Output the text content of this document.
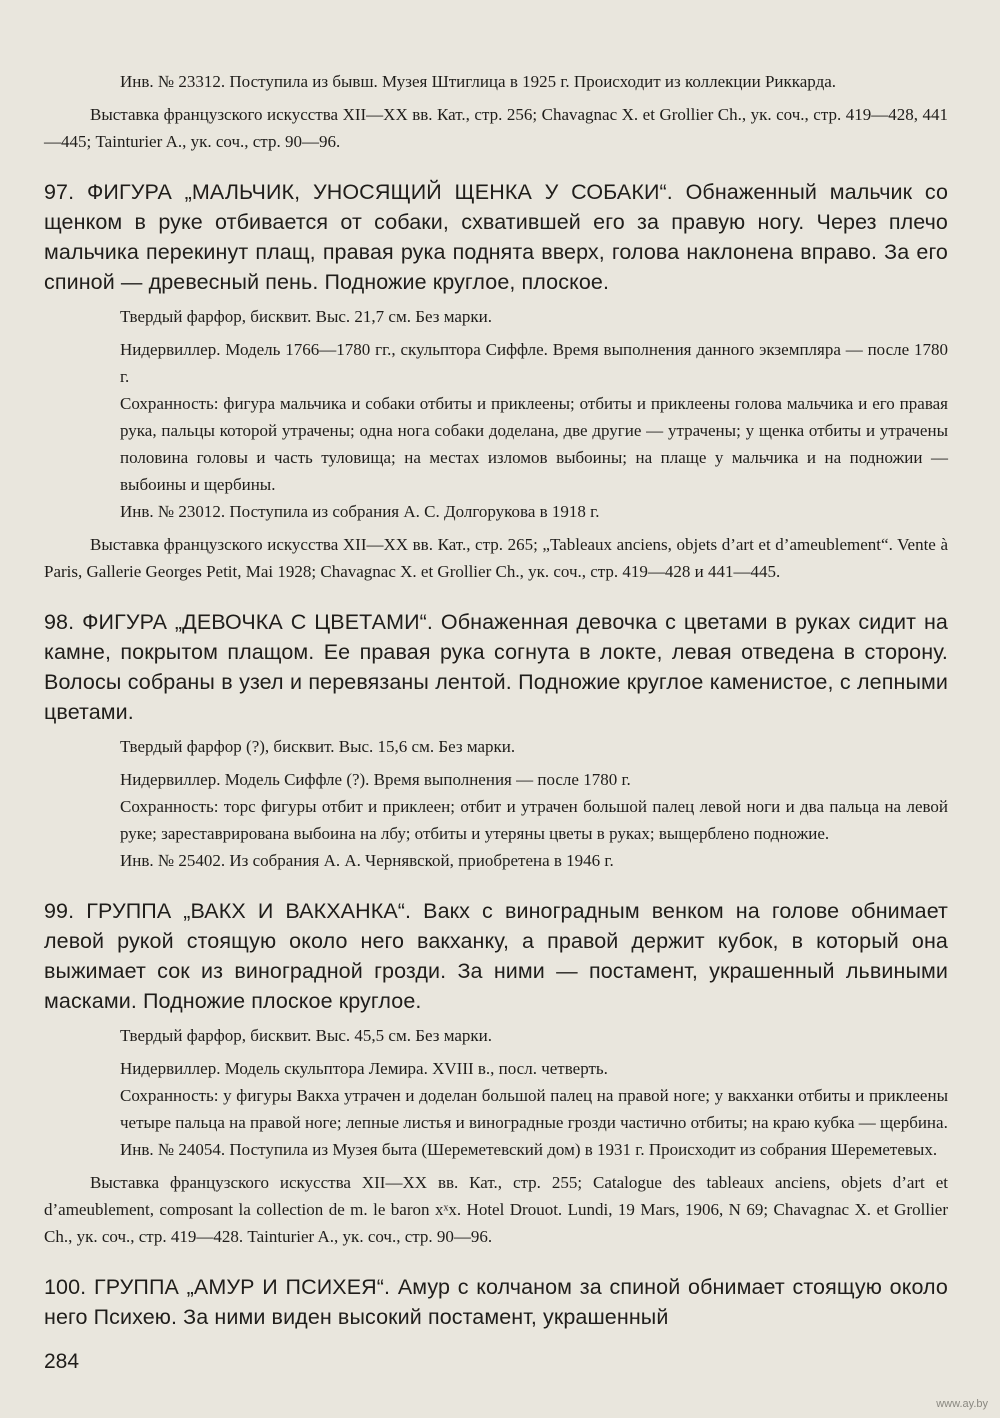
Инв. № 23312. Поступила из бывш. Музея Штиглица в 1925 г. Происходит из коллекции Риккарда.

Выставка французского искусства XII—XX вв. Кат., стр. 256; Chavagnac X. et Grollier Ch., ук. соч., стр. 419—428, 441—445; Tainturier A., ук. соч., стр. 90—96.

97. ФИГУРА „МАЛЬЧИК, УНОСЯЩИЙ ЩЕНКА У СОБАКИ“. Обнаженный мальчик со щенком в руке отбивается от собаки, схватившей его за правую ногу. Через плечо мальчика перекинут плащ, правая рука поднята вверх, голова наклонена вправо. За его спиной — древесный пень. Подножие круглое, плоское.

Твердый фарфор, бисквит. Выс. 21,7 см. Без марки.

Нидервиллер. Модель 1766—1780 гг., скульптора Сиффле. Время выполнения данного экземпляра — после 1780 г.

Сохранность: фигура мальчика и собаки отбиты и приклеены; отбиты и приклеены голова мальчика и его правая рука, пальцы которой утрачены; одна нога собаки доделана, две другие — утрачены; у щенка отбиты и утрачены половина головы и часть туловища; на местах изломов выбоины; на плаще у мальчика и на подножии — выбоины и щербины.

Инв. № 23012. Поступила из собрания А. С. Долгорукова в 1918 г.

Выставка французского искусства XII—XX вв. Кат., стр. 265; „Tableaux anciens, objets d’art et d’ameublement“. Vente à Paris, Gallerie Georges Petit, Mai 1928; Chavagnac X. et Grollier Ch., ук. соч., стр. 419—428 и 441—445.

98. ФИГУРА „ДЕВОЧКА С ЦВЕТАМИ“. Обнаженная девочка с цветами в руках сидит на камне, покрытом плащом. Ее правая рука согнута в локте, левая отведена в сторону. Волосы собраны в узел и перевязаны лентой. Подножие круглое каменистое, с лепными цветами.

Твердый фарфор (?), бисквит. Выс. 15,6 см. Без марки.

Нидервиллер. Модель Сиффле (?). Время выполнения — после 1780 г.

Сохранность: торс фигуры отбит и приклеен; отбит и утрачен большой палец левой ноги и два пальца на левой руке; зареставрирована выбоина на лбу; отбиты и утеряны цветы в руках; выщерблено подножие.

Инв. № 25402. Из собрания А. А. Чернявской, приобретена в 1946 г.

99. ГРУППА „ВАКХ И ВАКХАНКА“. Вакх с виноградным венком на голове обнимает левой рукой стоящую около него вакханку, а правой держит кубок, в который она выжимает сок из виноградной грозди. За ними — постамент, украшенный львиными масками. Подножие плоское круглое.

Твердый фарфор, бисквит. Выс. 45,5 см. Без марки.

Нидервиллер. Модель скульптора Лемира. XVIII в., посл. четверть.

Сохранность: у фигуры Вакха утрачен и доделан большой палец на правой ноге; у вакханки отбиты и приклеены четыре пальца на правой ноге; лепные листья и виноградные грозди частично отбиты; на краю кубка — щербина.

Инв. № 24054. Поступила из Музея быта (Шереметевский дом) в 1931 г. Происходит из собрания Шереметевых.

Выставка французского искусства XII—XX вв. Кат., стр. 255; Catalogue des tableaux anciens, objets d’art et d’ameublement, composant la collection de m. le baron xˣx. Hotel Drouot. Lundi, 19 Mars, 1906, N 69; Chavagnac X. et Grollier Ch., ук. соч., стр. 419—428. Tainturier A., ук. соч., стр. 90—96.

100. ГРУППА „АМУР И ПСИХЕЯ“. Амур с колчаном за спиной обнимает стоящую около него Психею. За ними виден высокий постамент, украшенный

284
www.ay.by
